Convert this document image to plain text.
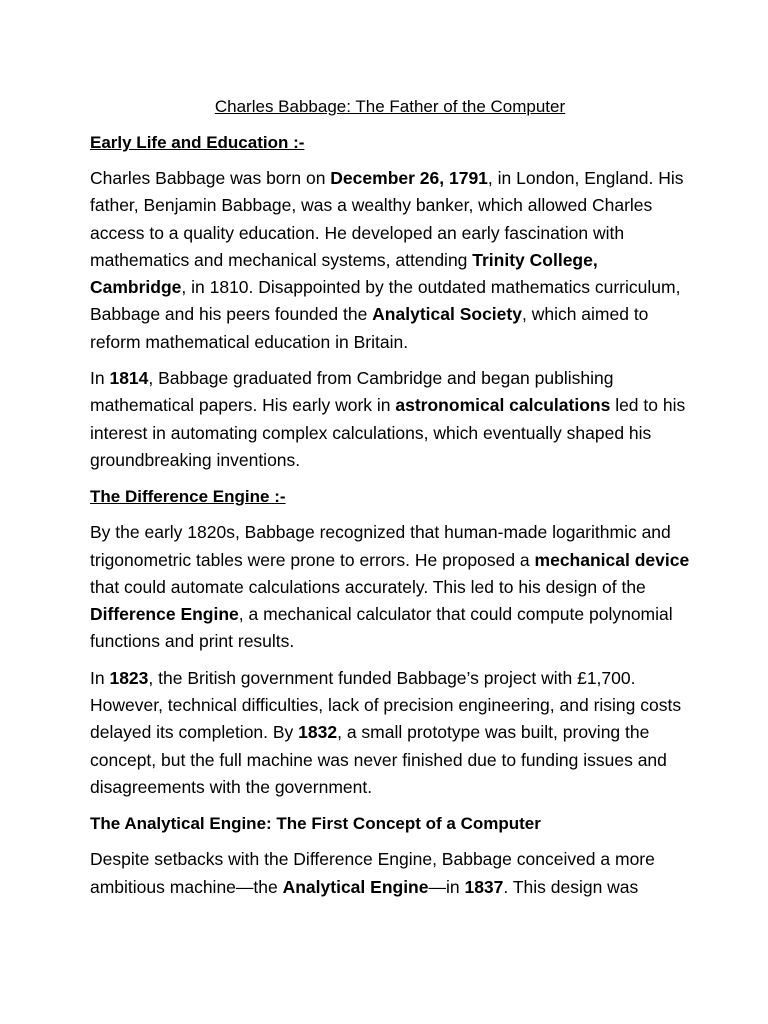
Charles Babbage: The Father of the Computer
Early Life and Education :-

Charles Babbage was born on December 26, 1791, in London, England. His father, Benjamin Babbage, was a wealthy banker, which allowed Charles access to a quality education. He developed an early fascination with mathematics and mechanical systems, attending Trinity College, Cambridge, in 1810. Disappointed by the outdated mathematics curriculum, Babbage and his peers founded the Analytical Society, which aimed to reform mathematical education in Britain.

In 1814, Babbage graduated from Cambridge and began publishing mathematical papers. His early work in astronomical calculations led to his interest in automating complex calculations, which eventually shaped his groundbreaking inventions.

The Difference Engine :-

By the early 1820s, Babbage recognized that human-made logarithmic and trigonometric tables were prone to errors. He proposed a mechanical device that could automate calculations accurately. This led to his design of the Difference Engine, a mechanical calculator that could compute polynomial functions and print results.

In 1823, the British government funded Babbage’s project with £1,700. However, technical difficulties, lack of precision engineering, and rising costs delayed its completion. By 1832, a small prototype was built, proving the concept, but the full machine was never finished due to funding issues and disagreements with the government.

The Analytical Engine: The First Concept of a Computer

Despite setbacks with the Difference Engine, Babbage conceived a more ambitious machine—the Analytical Engine—in 1837. This design was
